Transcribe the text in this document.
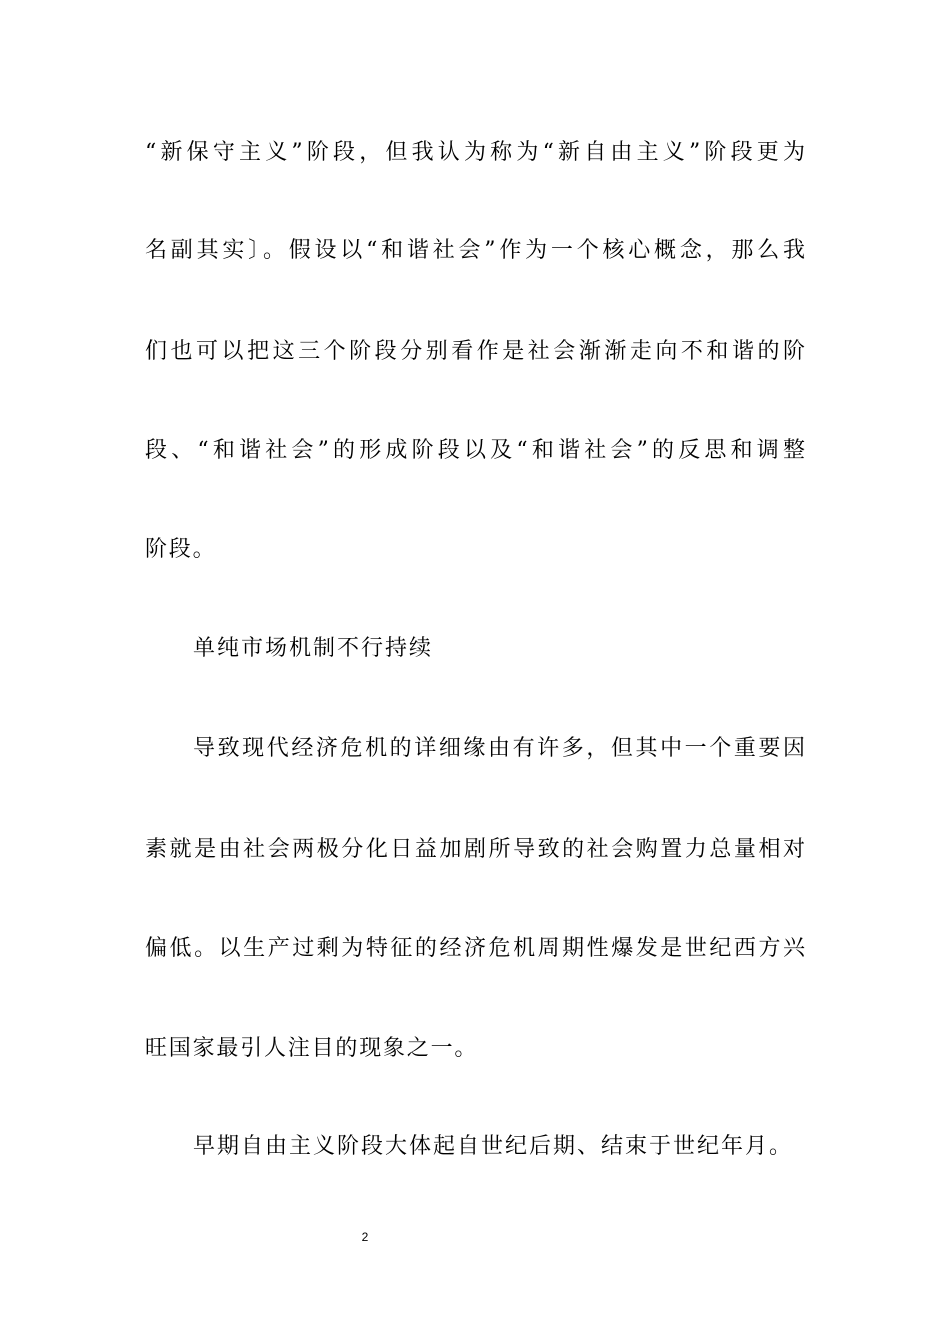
“新保守主义”阶段，但我认为称为“新自由主义”阶段更为
名副其实〕。假设以“和谐社会”作为一个核心概念，那么我
们也可以把这三个阶段分别看作是社会渐渐走向不和谐的阶
段、“和谐社会”的形成阶段以及“和谐社会”的反思和调整
阶段。
单纯市场机制不行持续
导致现代经济危机的详细缘由有许多，但其中一个重要因
素就是由社会两极分化日益加剧所导致的社会购置力总量相对
偏低。以生产过剩为特征的经济危机周期性爆发是世纪西方兴
旺国家最引人注目的现象之一。
早期自由主义阶段大体起自世纪后期、结束于世纪年月。
2
